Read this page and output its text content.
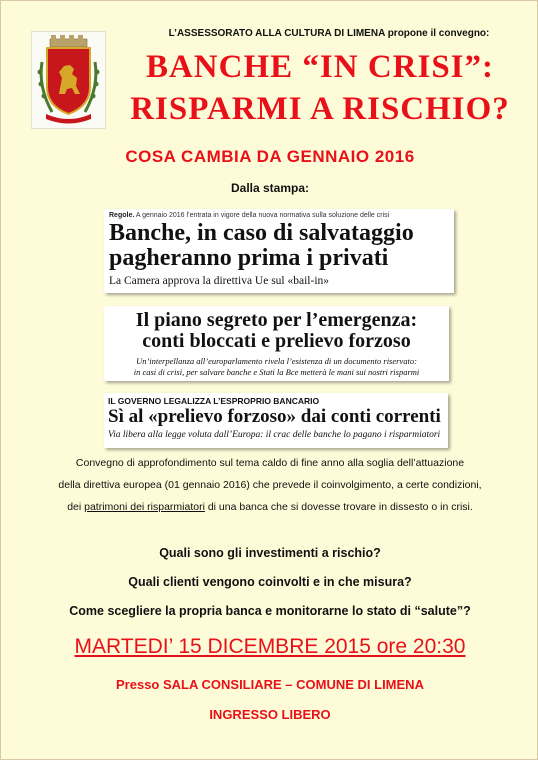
L’ASSESSORATO ALLA CULTURA DI LIMENA propone il convegno:
BANCHE “IN CRISI”:
RISPARMI A RISCHIO?
COSA CAMBIA DA GENNAIO 2016
Dalla stampa:
Regole. A gennaio 2016 l’entrata in vigore della nuova normativa sulla soluzione delle crisi
Banche, in caso di salvataggio
pagheranno prima i privati
La Camera approva la direttiva Ue sul «bail-in»
Il piano segreto per l’emergenza:
conti bloccati e prelievo forzoso
Un’interpellanza all’europarlamento rivela l’esistenza di un documento riservato:
in casi di crisi, per salvare banche e Stati la Bce metterà le mani sui nostri risparmi
IL GOVERNO LEGALIZZA L’ESPROPRIO BANCARIO
Sì al «prelievo forzoso» dai conti correnti
Via libera alla legge voluta dall’Europa: il crac delle banche lo pagano i risparmiatori
Convegno di approfondimento sul tema caldo di fine anno alla soglia dell’attuazione
della direttiva europea (01 gennaio 2016) che prevede il coinvolgimento, a certe condizioni,
dei patrimoni dei risparmiatori di una banca che si dovesse trovare in dissesto o in crisi.
Quali sono gli investimenti a rischio?
Quali clienti vengono coinvolti e in che misura?
Come scegliere la propria banca e monitorarne lo stato di “salute”?
MARTEDI’ 15 DICEMBRE 2015 ore 20:30
Presso SALA CONSILIARE – COMUNE DI LIMENA
INGRESSO LIBERO
